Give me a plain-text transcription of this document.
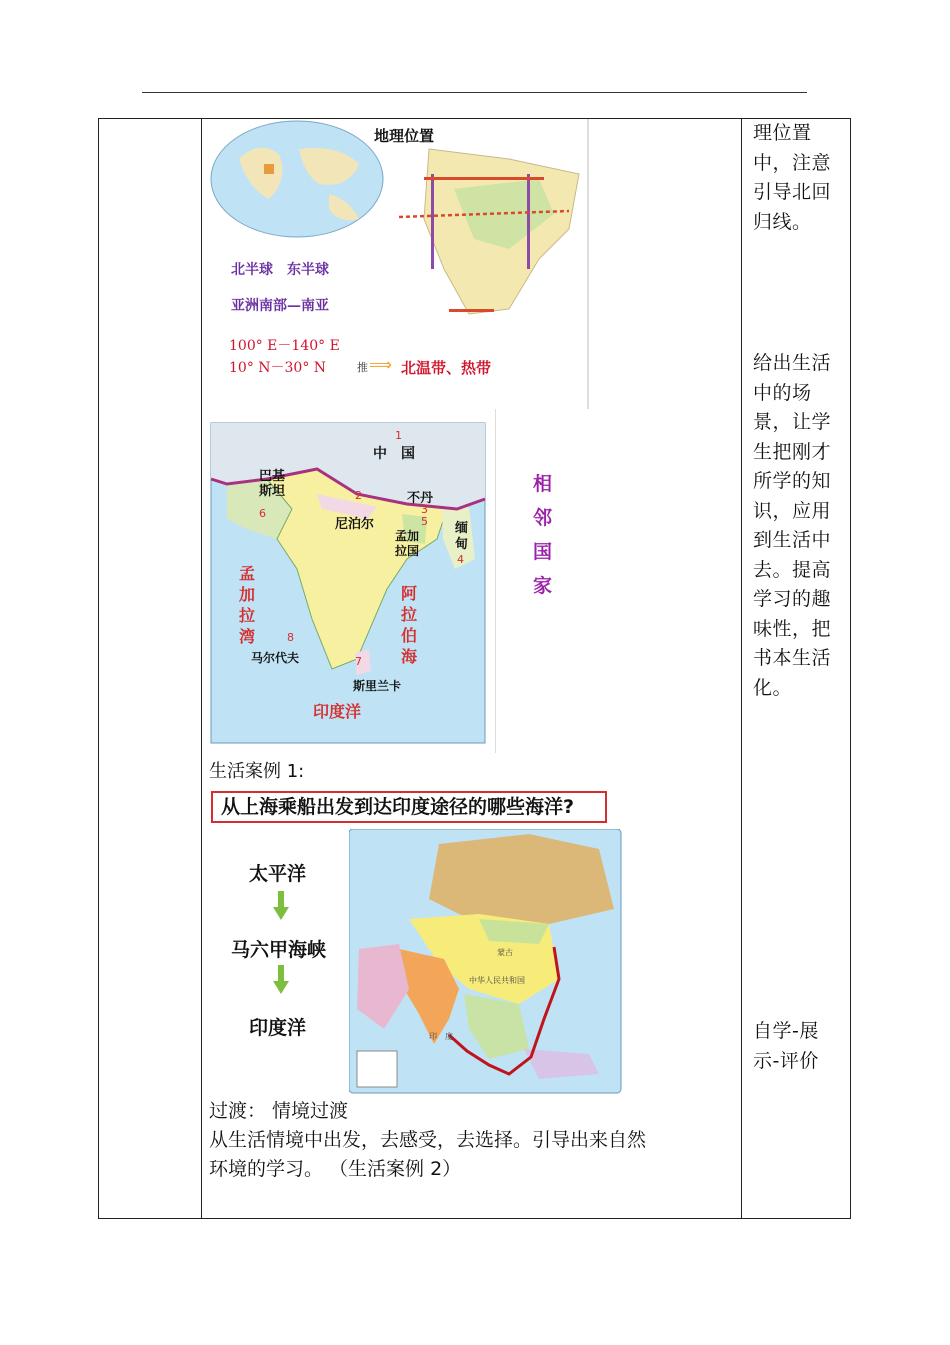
理位置中，注意引导北回归线。
给出生活中的场景，让学生把刚才所学的知识，应用到生活中去。提高学习的趣味性，把书本生活化。
自学-展示-评价
地理位置
北半球　东半球
亚洲南部—南亚
100° E－140° E
10° N－30° N	推 ⟹ 北温带、热带
中　国
巴基斯坦
尼泊尔
不丹
孟加拉国
缅甸
孟加拉湾
阿拉伯海
马尔代夫
斯里兰卡
印度洋
相邻国家
1
2
3
4
5
6
7
8
生活案例 1:
从上海乘船出发到达印度途径的哪些海洋?
太平洋
马六甲海峡
印度洋
中华人民共和国
印　度
蒙古
过渡： 情境过渡
从生活情境中出发，去感受，去选择。引导出来自然
环境的学习。 （生活案例 2）
